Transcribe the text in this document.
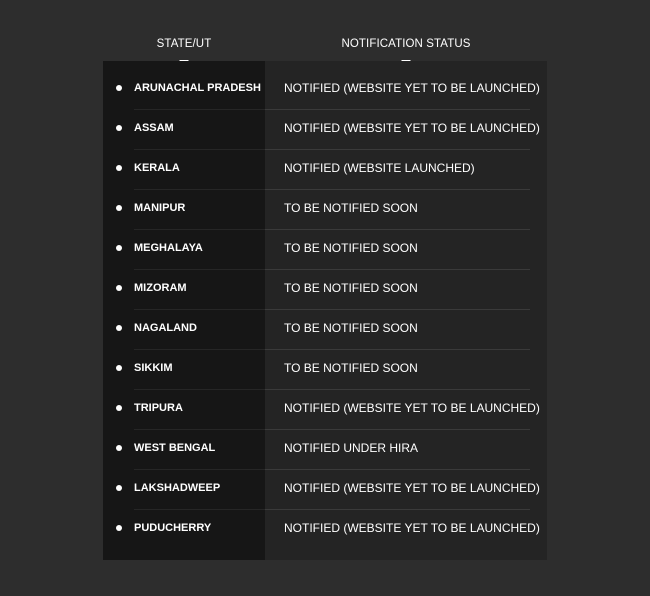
STATE/UT	NOTIFICATION STATUS
ARUNACHAL PRADESH NOTIFIED (WEBSITE YET TO BE LAUNCHED)
ASSAM	NOTIFIED (WEBSITE YET TO BE LAUNCHED)
KERALA	NOTIFIED (WEBSITE LAUNCHED)
MANIPUR	TO BE NOTIFIED SOON
MEGHALAYA	TO BE NOTIFIED SOON
MIZORAM	TO BE NOTIFIED SOON
NAGALAND	TO BE NOTIFIED SOON
SIKKIM	TO BE NOTIFIED SOON
TRIPURA	NOTIFIED (WEBSITE YET TO BE LAUNCHED)
WEST BENGAL	NOTIFIED UNDER HIRA
LAKSHADWEEP	NOTIFIED (WEBSITE YET TO BE LAUNCHED)
PUDUCHERRY	NOTIFIED (WEBSITE YET TO BE LAUNCHED)
